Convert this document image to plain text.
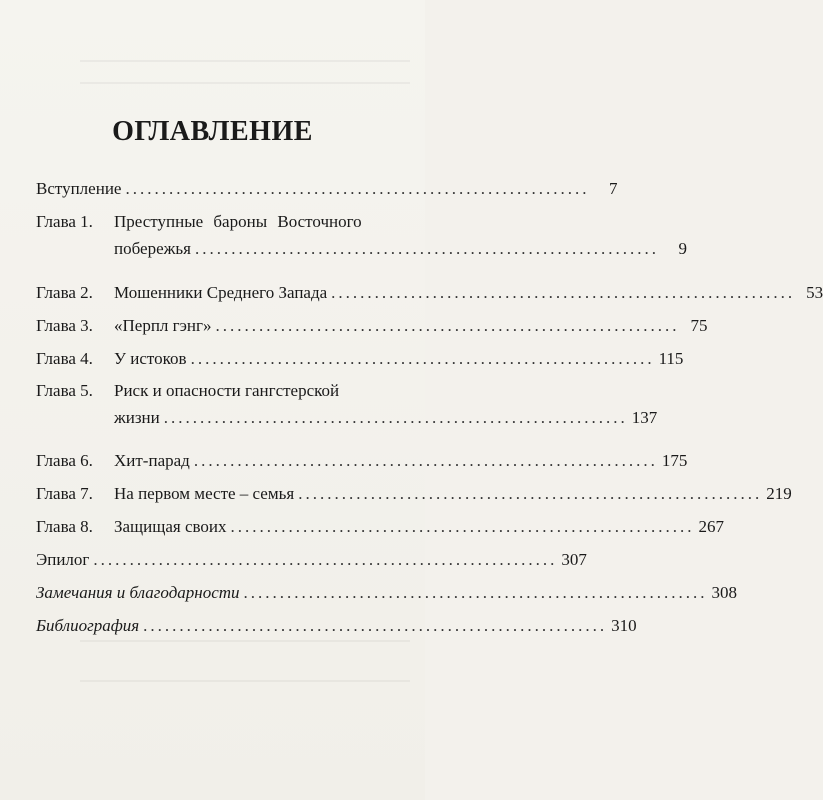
ОГЛАВЛЕНИЕ
Вступление ................................................................	7
Глава 1.	Преступные бароны Восточного
побережья ................................................................	9
Глава 2.	Мошенники Среднего Запада ................................................................ 53
Глава 3.	«Перпл гэнг» ................................................................ 75
Глава 4.	У истоков ................................................................ 115
Глава 5.	Риск и опасности гангстерской
жизни ................................................................ 137
Глава 6.	Хит-парад ................................................................ 175
Глава 7.	На первом месте – семья ................................................................ 219
Глава 8.	Защищая своих ................................................................ 267
Эпилог ................................................................ 307
Замечания и благодарности ................................................................ 308
Библиография ................................................................ 310
